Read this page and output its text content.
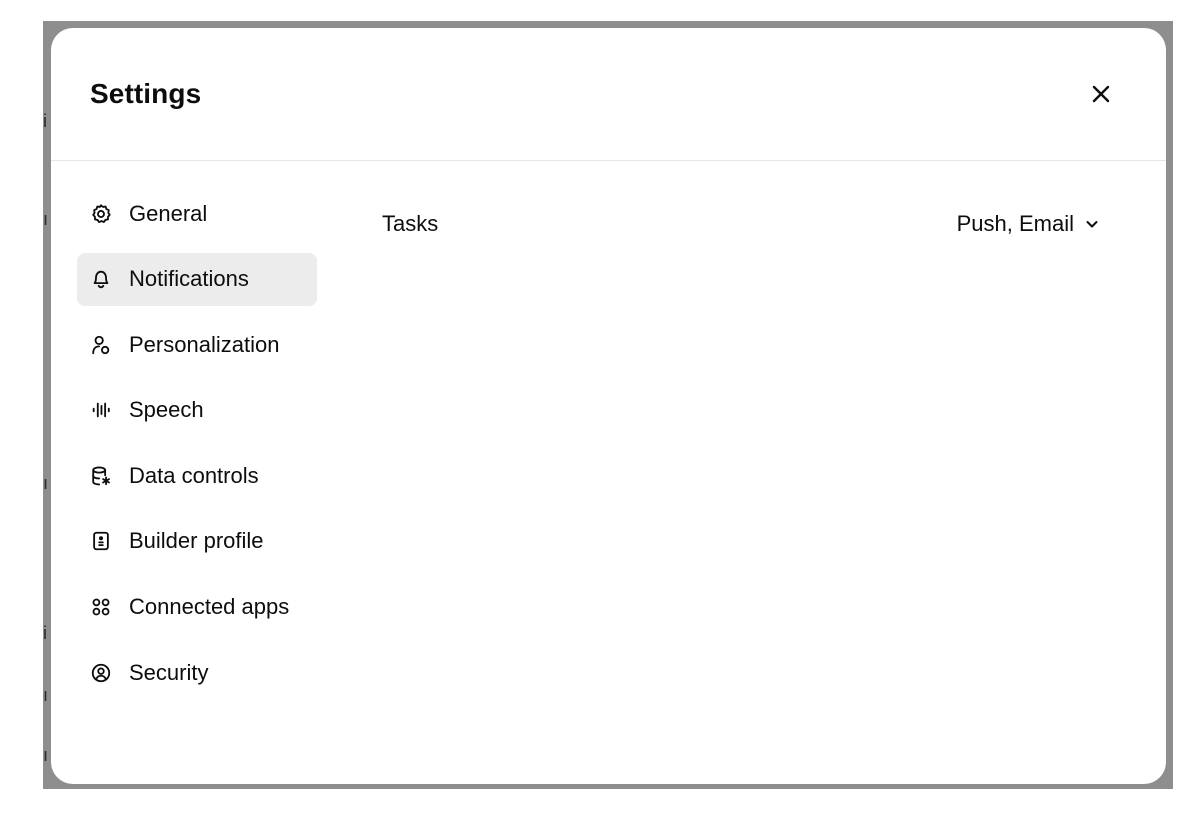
i
ı
ı
i
ı
ı
Settings
General
Notifications
Personalization
Speech
Data controls
Builder profile
Connected apps
Security
Tasks	Push, Email
